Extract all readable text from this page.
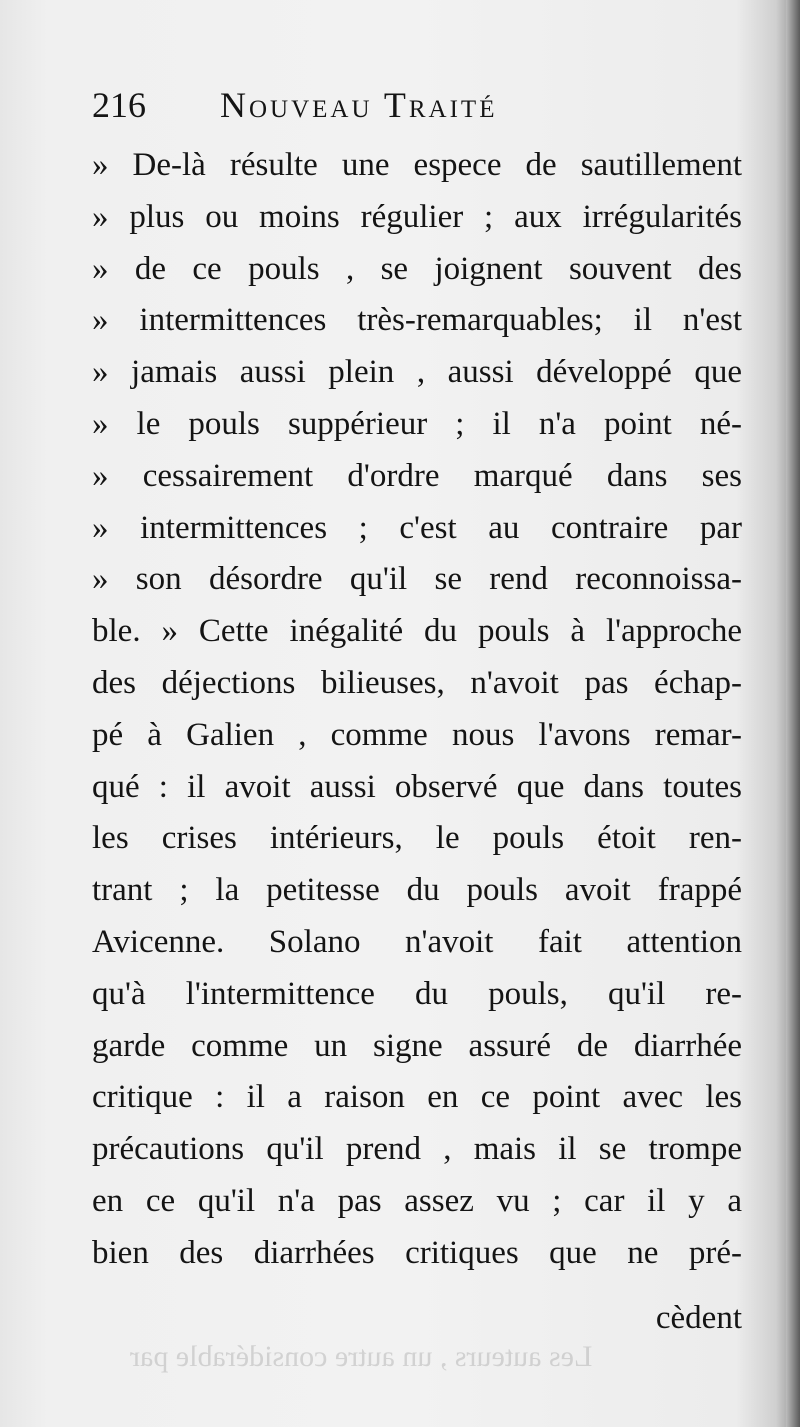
216 Nouveau Traité
» De-là résulte une espece de sautillement
» plus ou moins régulier ; aux irrégularités
» de ce pouls , se joignent souvent des
» intermittences très-remarquables; il n'est
» jamais aussi plein , aussi développé que
» le pouls suppérieur ; il n'a point né-
» cessairement d'ordre marqué dans ses
» intermittences ; c'est au contraire par
» son désordre qu'il se rend reconnoissa-
ble. » Cette inégalité du pouls à l'approche
des déjections bilieuses, n'avoit pas échap-
pé à Galien , comme nous l'avons remar-
qué : il avoit aussi observé que dans toutes
les crises intérieurs, le pouls étoit ren-
trant ; la petitesse du pouls avoit frappé
Avicenne. Solano n'avoit fait attention
qu'à l'intermittence du pouls, qu'il re-
garde comme un signe assuré de diarrhée
critique : il a raison en ce point avec les
précautions qu'il prend , mais il se trompe
en ce qu'il n'a pas assez vu ; car il y a
bien des diarrhées critiques que ne pré-
cèdent
Les auteurs , un autre considérable par
